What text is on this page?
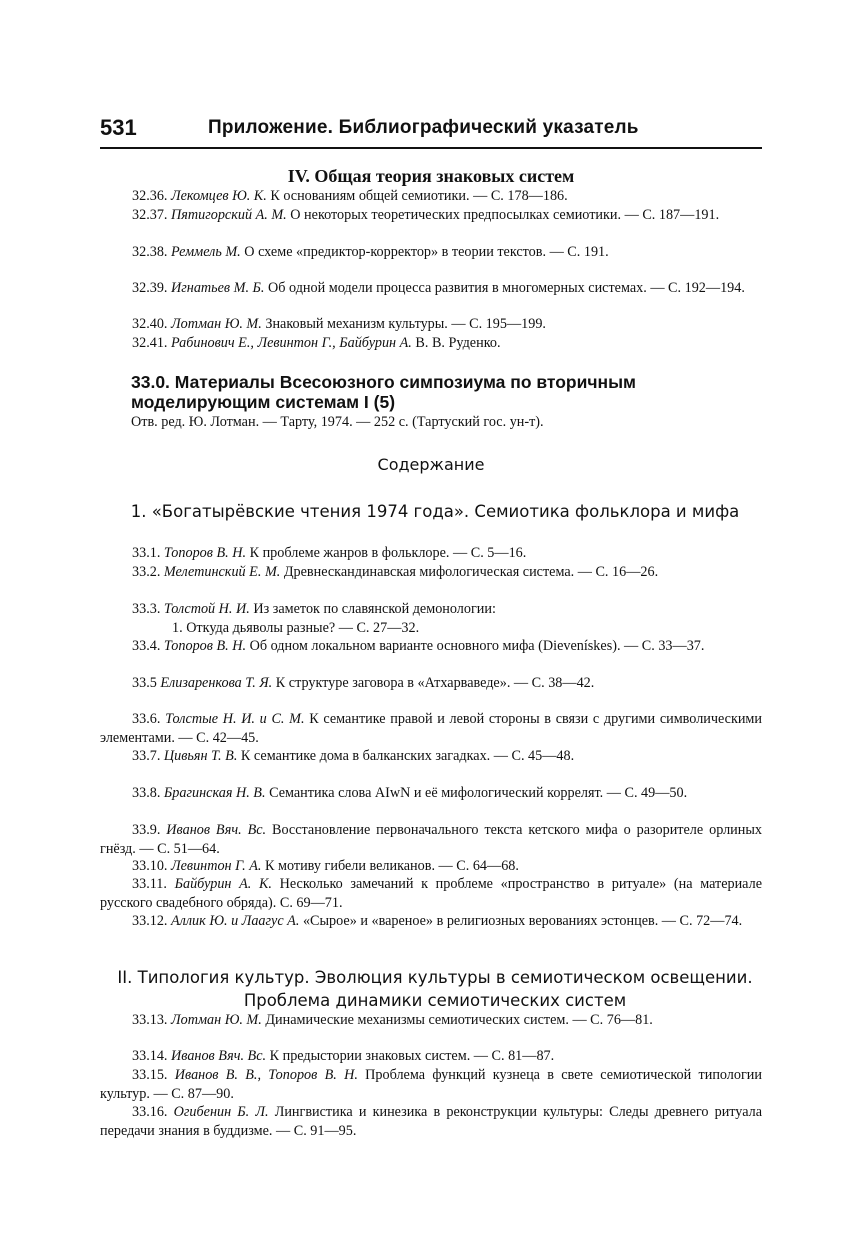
531	Приложение. Библиографический указатель
IV. Общая теория знаковых систем
32.36. Лекомцев Ю. К. К основаниям общей семиотики. — С. 178—186.
32.37. Пятигорский А. М. О некоторых теоретических предпосылках семиотики. — С. 187—191.
32.38. Реммель М. О схеме «предиктор-корректор» в теории текстов. — С. 191.
32.39. Игнатьев М. Б. Об одной модели процесса развития в многомерных системах. — С. 192—194.
32.40. Лотман Ю. М. Знаковый механизм культуры. — С. 195—199.
32.41. Рабинович Е., Левинтон Г., Байбурин А. В. В. Руденко.
33.0. Материалы Всесоюзного симпозиума по вторичным моделирующим системам I (5)
Отв. ред. Ю. Лотман. — Тарту, 1974. — 252 с. (Тартуский гос. ун-т).
Содержание
1. «Богатырёвские чтения 1974 года». Семиотика фольклора и мифа
33.1. Топоров В. Н. К проблеме жанров в фольклоре. — С. 5—16.
33.2. Мелетинский Е. М. Древнескандинавская мифологическая система. — С. 16—26.
33.3. Толстой Н. И. Из заметок по славянской демонологии:
1. Откуда дьяволы разные? — С. 27—32.
33.4. Топоров В. Н. Об одном локальном варианте основного мифа (Dievenískes). — С. 33—37.
33.5 Елизаренкова Т. Я. К структуре заговора в «Атхарваведе». — С. 38—42.
33.6. Толстые Н. И. и С. М. К семантике правой и левой стороны в связи с другими символическими элементами. — С. 42—45.
33.7. Цивьян Т. В. К семантике дома в балканских загадках. — С. 45—48.
33.8. Брагинская Н. В. Семантика слова AIwN и её мифологический коррелят. — С. 49—50.
33.9. Иванов Вяч. Вс. Восстановление первоначального текста кетского мифа о разорителе орлиных гнёзд. — С. 51—64.
33.10. Левинтон Г. А. К мотиву гибели великанов. — С. 64—68.
33.11. Байбурин А. К. Несколько замечаний к проблеме «пространство в ритуале» (на материале русского свадебного обряда). С. 69—71.
33.12. Аллик Ю. и Лаагус А. «Сырое» и «вареное» в религиозных верованиях эстонцев. — С. 72—74.
II. Типология культур. Эволюция культуры в семиотическом освещении. Проблема динамики семиотических систем
33.13. Лотман Ю. М. Динамические механизмы семиотических систем. — С. 76—81.
33.14. Иванов Вяч. Вс. К предыстории знаковых систем. — С. 81—87.
33.15. Иванов В. В., Топоров В. Н. Проблема функций кузнеца в свете семиотической типологии культур. — С. 87—90.
33.16. Огибенин Б. Л. Лингвистика и кинезика в реконструкции культуры: Следы древнего ритуала передачи знания в буддизме. — С. 91—95.
